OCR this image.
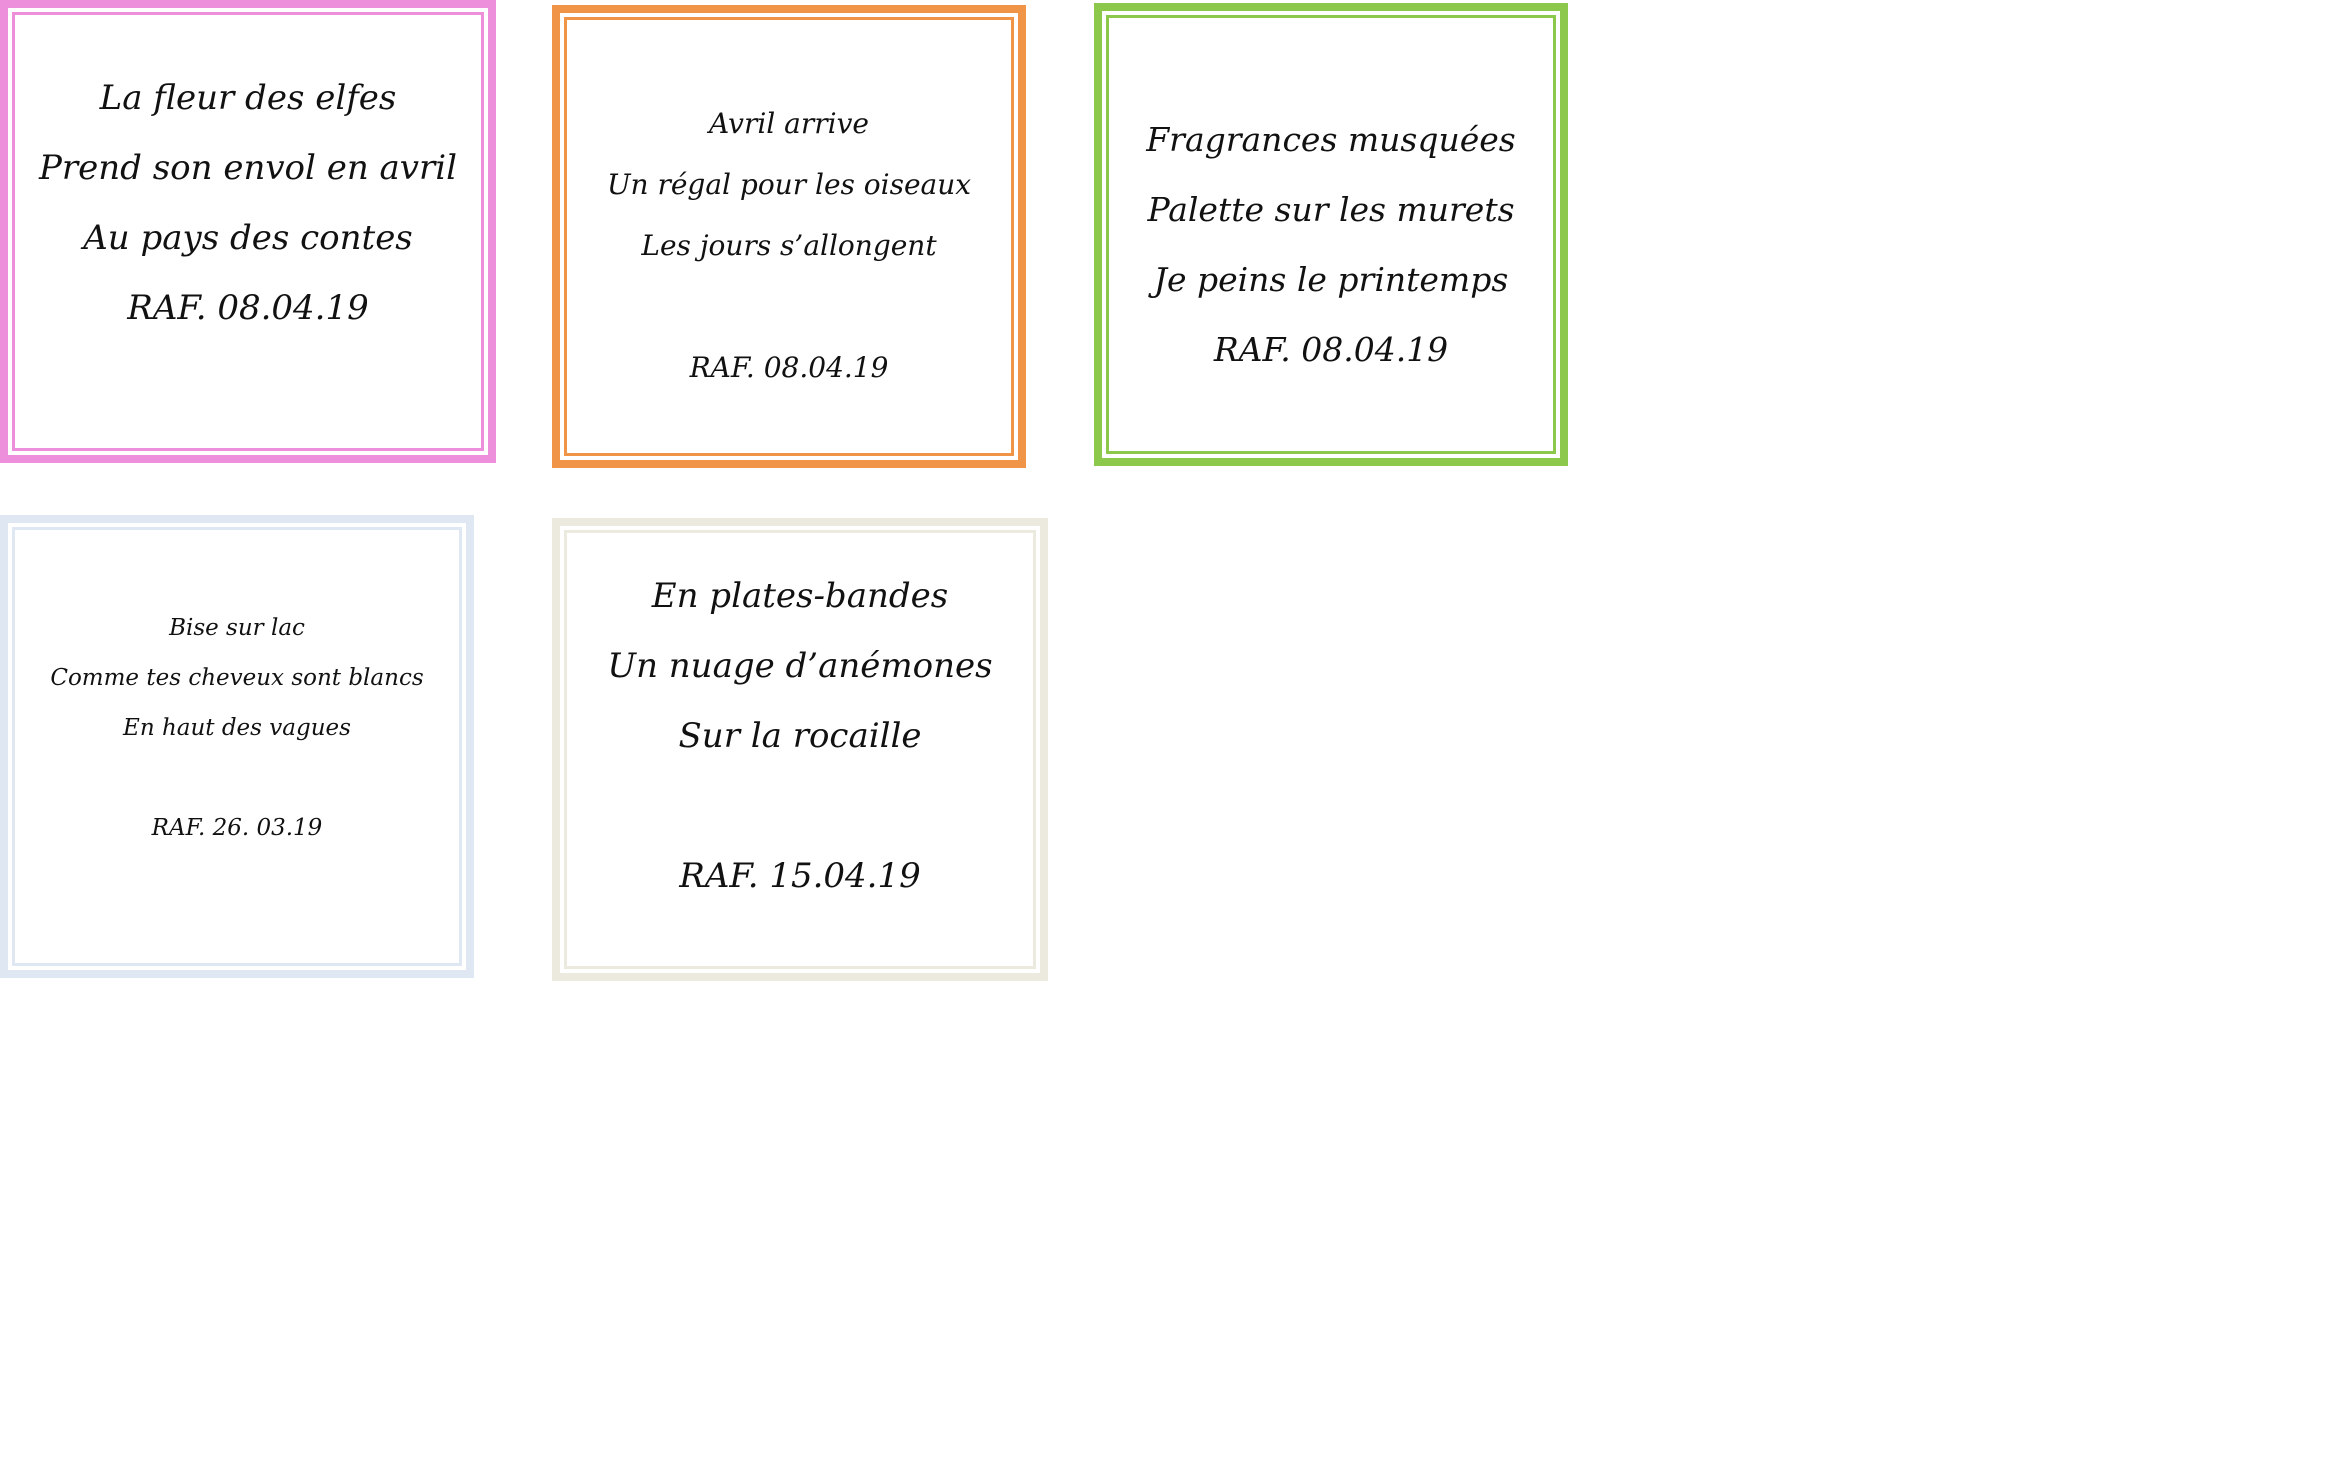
La fleur des elfes
Prend son envol en avril
Au pays des contes
RAF. 08.04.19
Avril arrive
Un régal pour les oiseaux
Les jours s’allongent
RAF. 08.04.19
Fragrances musquées
Palette sur les murets
Je peins le printemps
RAF. 08.04.19
Bise sur lac
Comme tes cheveux sont blancs
En haut des vagues
RAF. 26. 03.19
En plates-bandes
Un nuage d’anémones
Sur la rocaille
RAF. 15.04.19
